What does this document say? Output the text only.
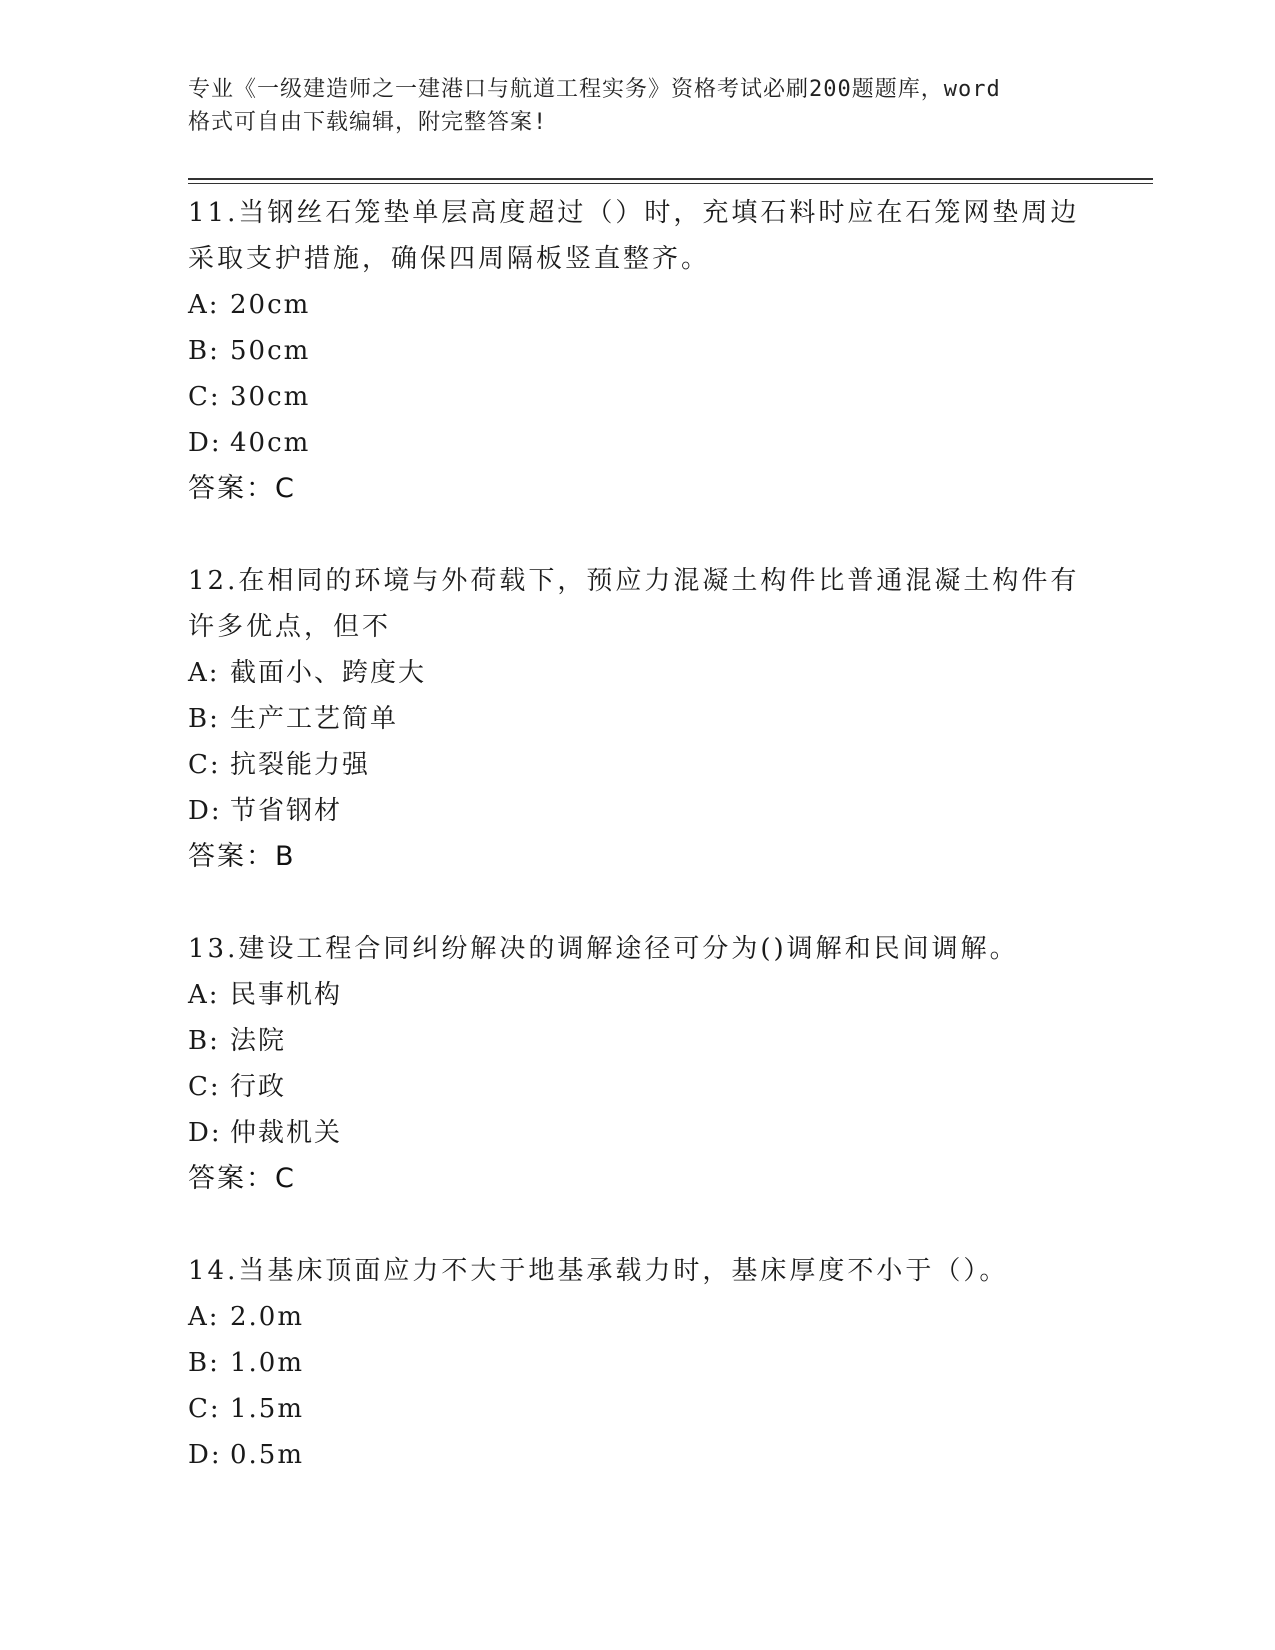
专业《一级建造师之一建港口与航道工程实务》资格考试必刷200题题库，word
格式可自由下载编辑，附完整答案!
11.当钢丝石笼垫单层高度超过（）时，充填石料时应在石笼网垫周边
采取支护措施，确保四周隔板竖直整齐。
A: 20cm
B: 50cm
C: 30cm
D: 40cm
答案：C
12.在相同的环境与外荷载下，预应力混凝土构件比普通混凝土构件有
许多优点，但不
A: 截面小、跨度大
B: 生产工艺简单
C: 抗裂能力强
D: 节省钢材
答案：B
13.建设工程合同纠纷解决的调解途径可分为()调解和民间调解。
A: 民事机构
B: 法院
C: 行政
D: 仲裁机关
答案：C
14.当基床顶面应力不大于地基承载力时，基床厚度不小于（）。
A: 2.0m
B: 1.0m
C: 1.5m
D: 0.5m
